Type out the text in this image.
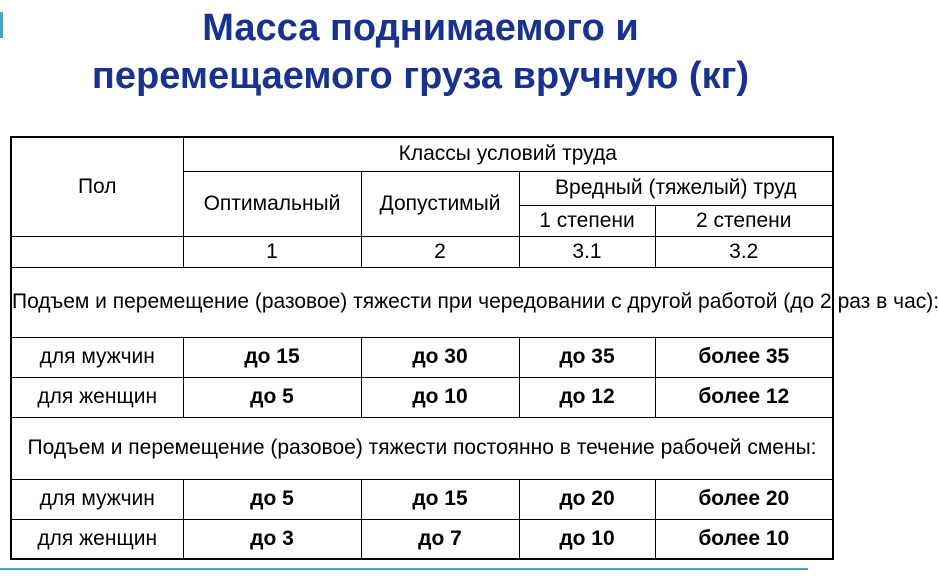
Масса поднимаемого и
перемещаемого груза вручную (кг)
Пол	Классы условий труда			
	Оптимальный	Допустимый	Вредный (тяжелый) труд	
			1 степени	2 степени
	1	2	3.1	3.2
Подъем и перемещение (разовое) тяжести при чередовании с другой работой (до 2 раз в час):				
для мужчин	до 15	до 30	до 35	более 35
для женщин	до 5	до 10	до 12	более 12
Подъем и перемещение (разовое) тяжести постоянно в течение рабочей смены:				
для мужчин	до 5	до 15	до 20	более 20
для женщин	до 3	до 7	до 10	более 10
